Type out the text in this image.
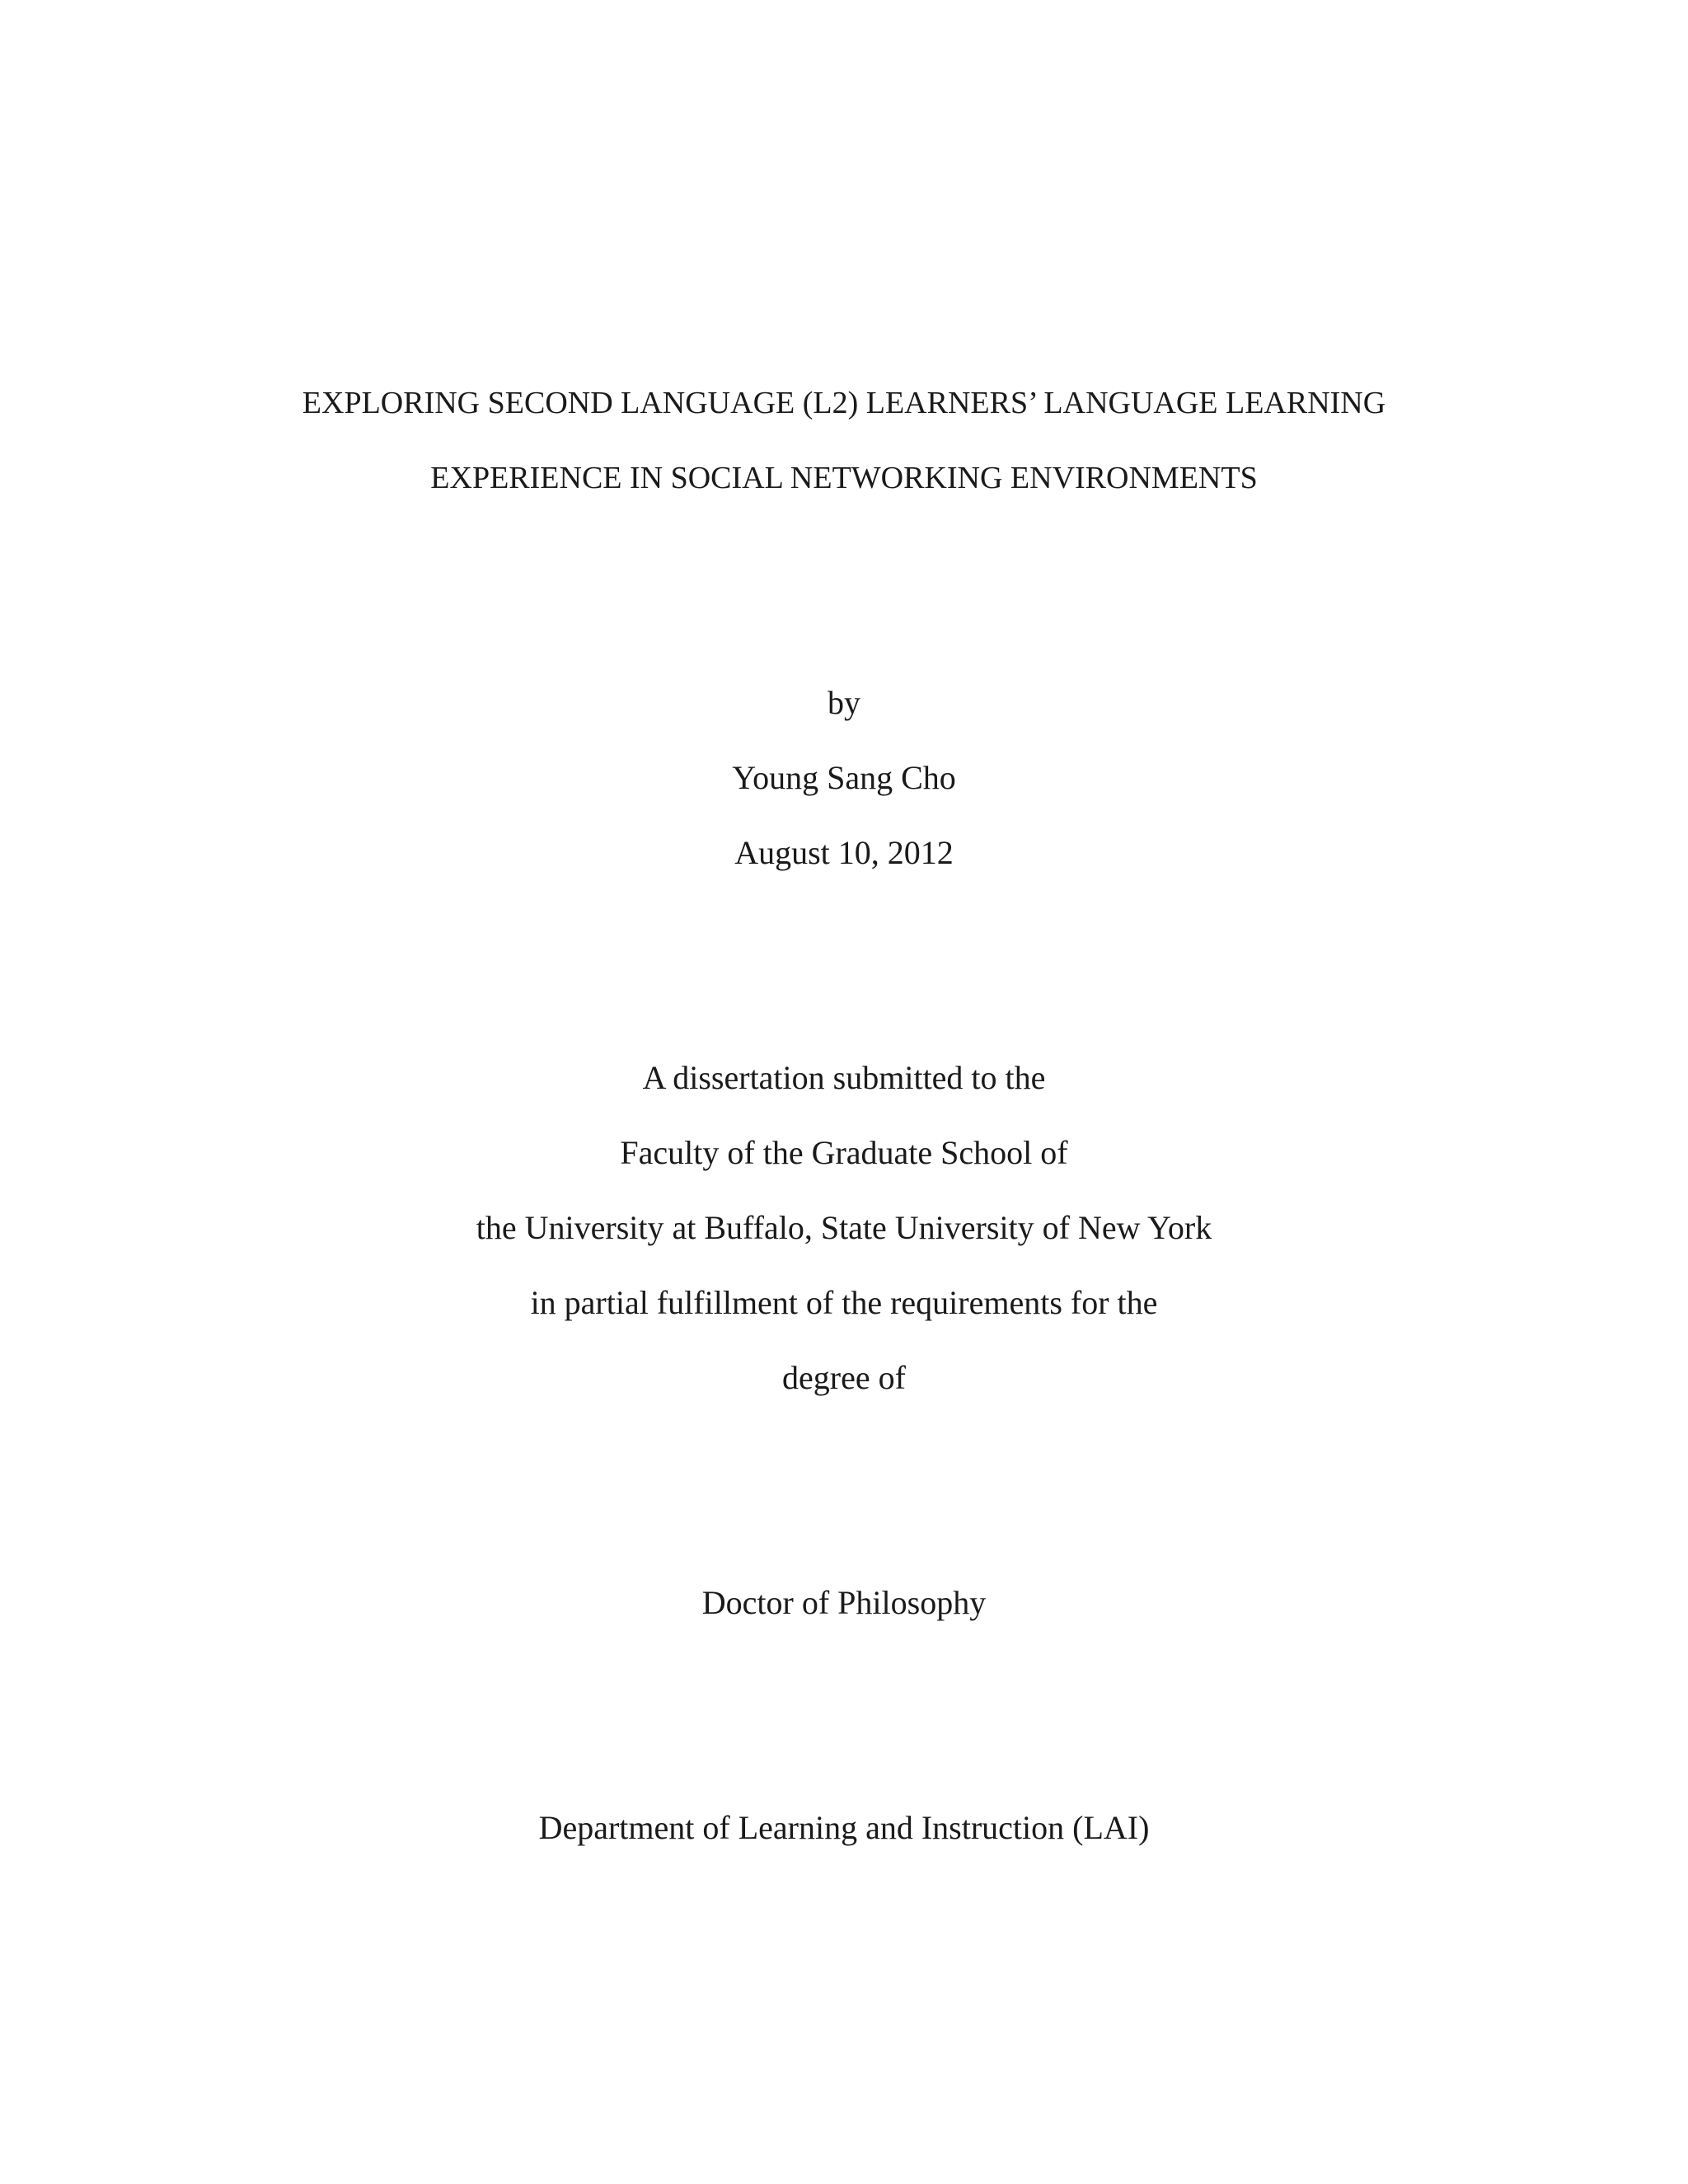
EXPLORING SECOND LANGUAGE (L2) LEARNERS’ LANGUAGE LEARNING
EXPERIENCE IN SOCIAL NETWORKING ENVIRONMENTS
by
Young Sang Cho
August 10, 2012
A dissertation submitted to the
Faculty of the Graduate School of
the University at Buffalo, State University of New York
in partial fulfillment of the requirements for the
degree of
Doctor of Philosophy
Department of Learning and Instruction (LAI)
